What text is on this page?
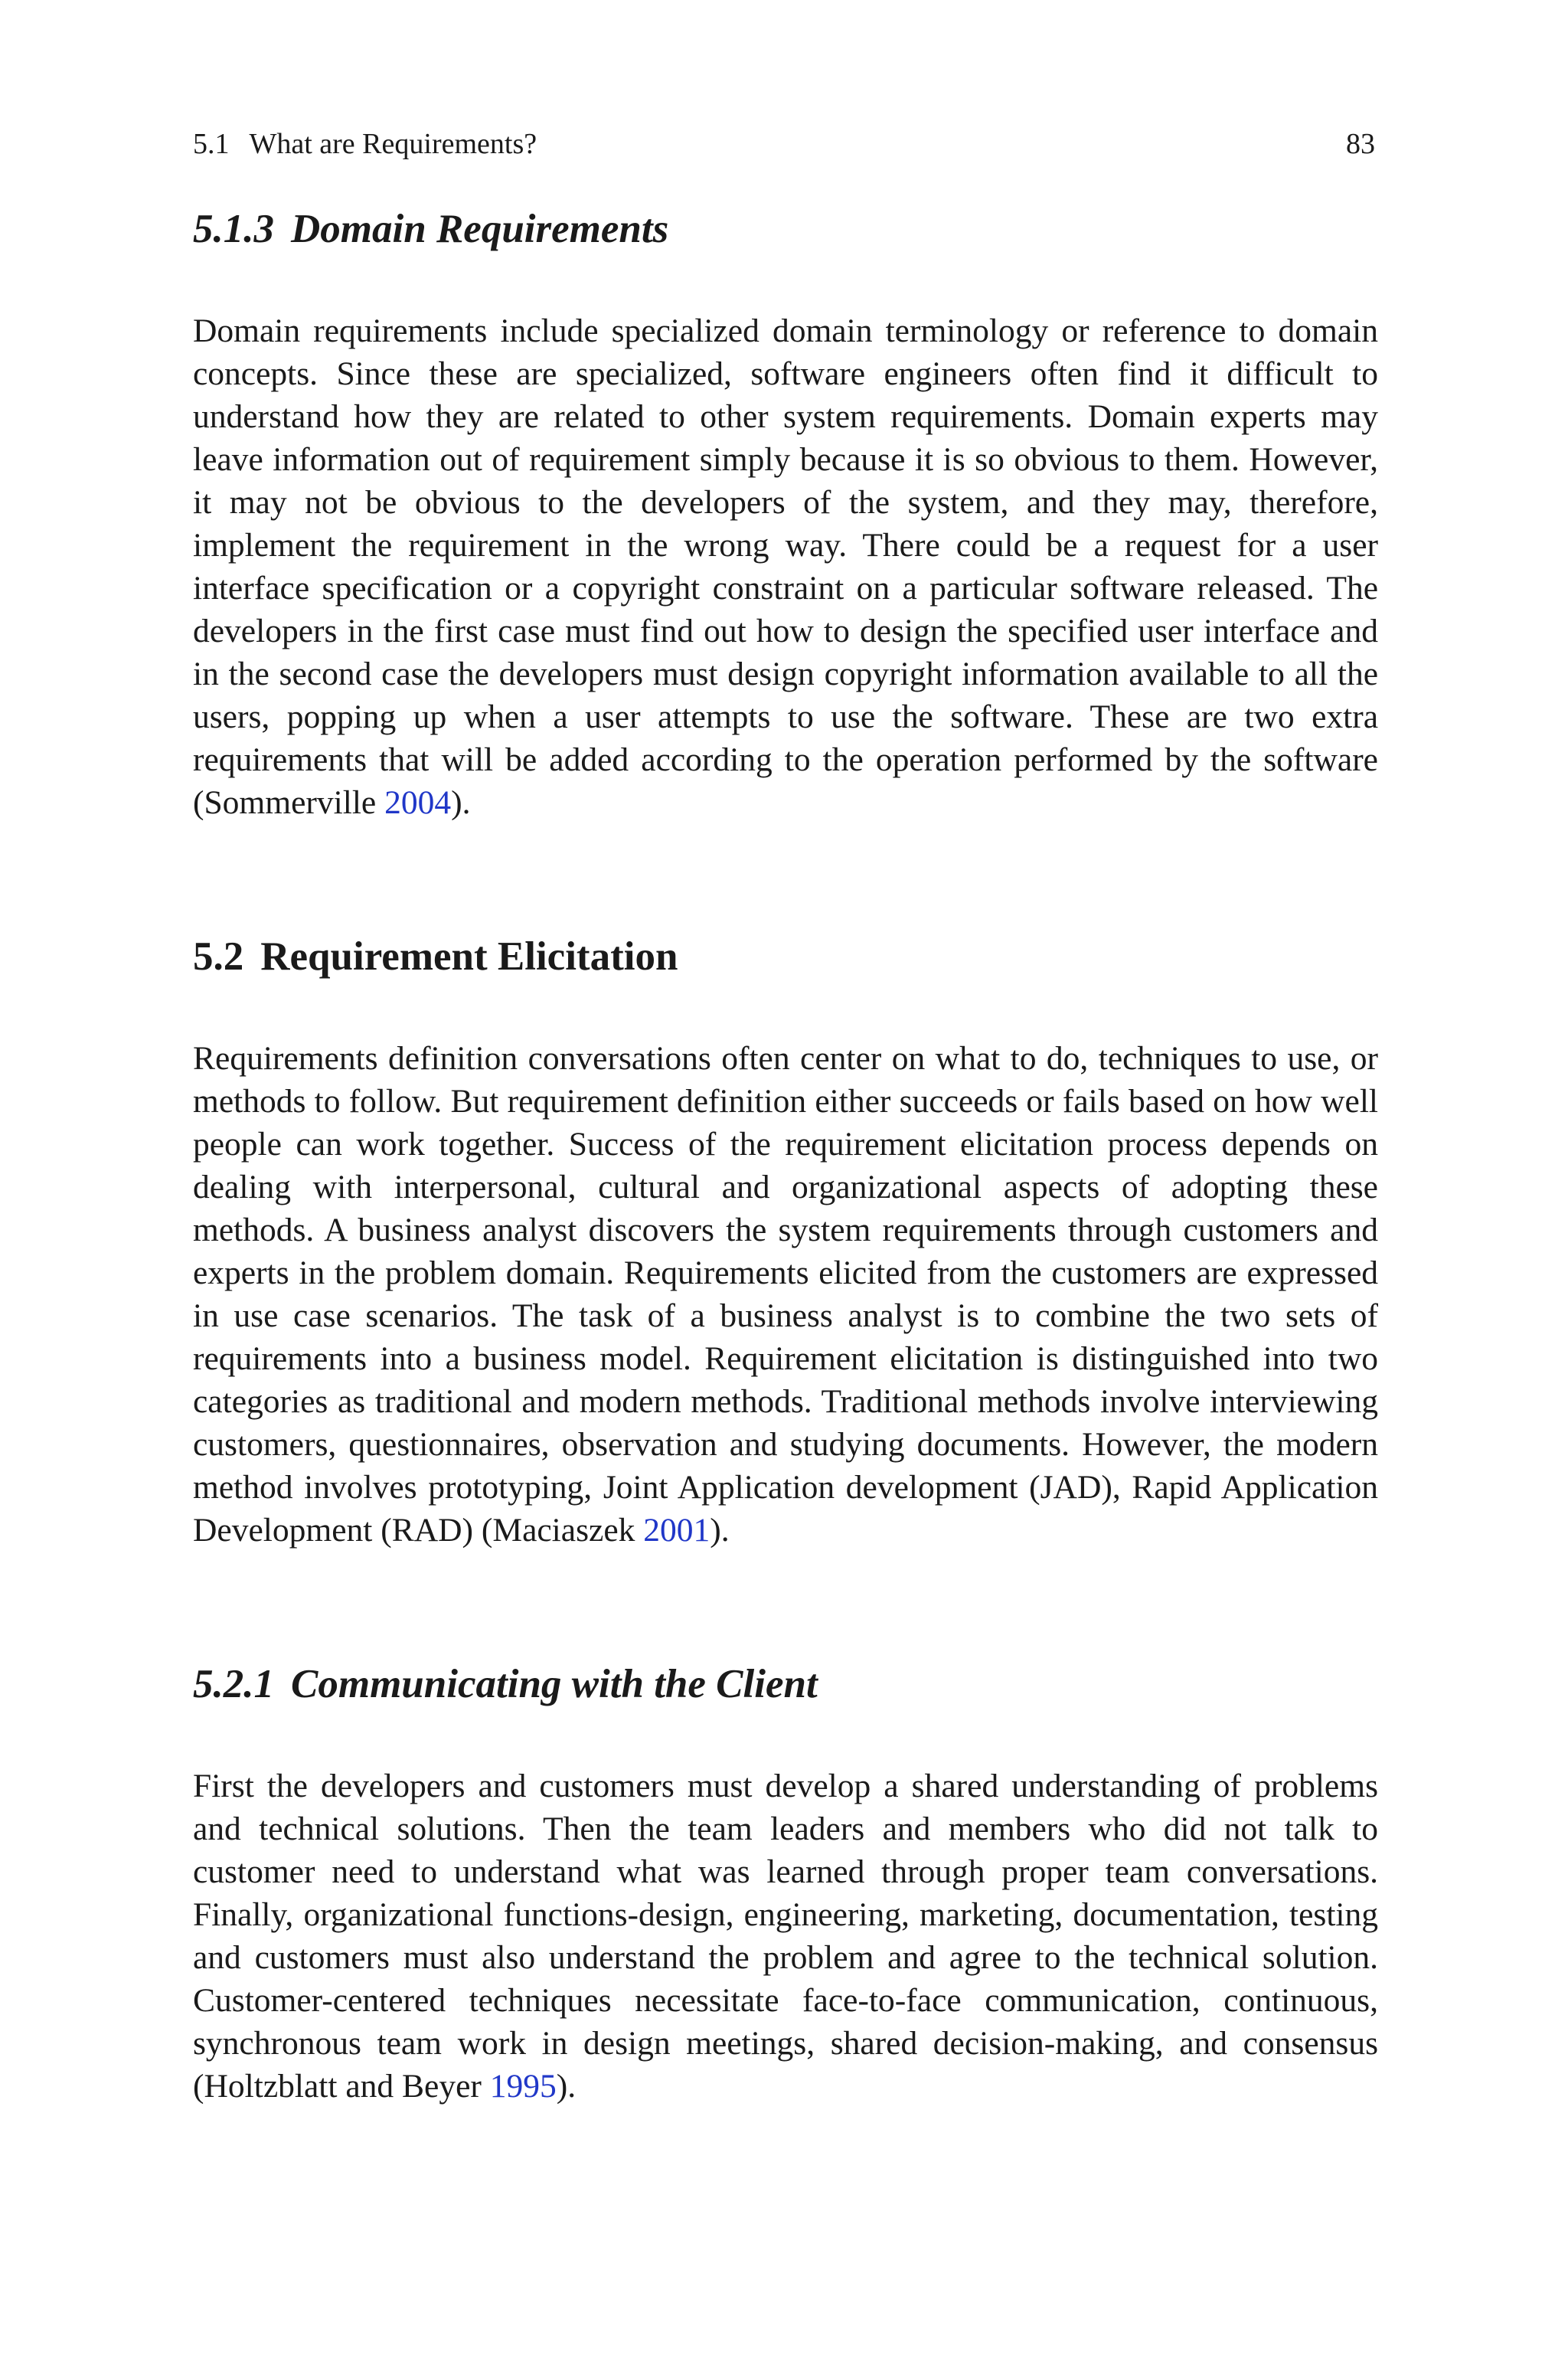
5.1 What are Requirements?	83
5.1.3 Domain Requirements

Domain requirements include specialized domain terminology or reference to domain concepts. Since these are specialized, software engineers often find it difficult to understand how they are related to other system requirements. Domain experts may leave information out of requirement simply because it is so obvious to them. However, it may not be obvious to the developers of the system, and they may, therefore, implement the requirement in the wrong way. There could be a request for a user interface specification or a copyright constraint on a particular software released. The developers in the first case must find out how to design the specified user interface and in the second case the developers must design copyright information available to all the users, popping up when a user attempts to use the software. These are two extra requirements that will be added according to the operation performed by the software (Sommerville 2004).

5.2 Requirement Elicitation

Requirements definition conversations often center on what to do, techniques to use, or methods to follow. But requirement definition either succeeds or fails based on how well people can work together. Success of the requirement elicitation process depends on dealing with interpersonal, cultural and organizational aspects of adopting these methods. A business analyst discovers the system requirements through customers and experts in the problem domain. Requirements elicited from the customers are expressed in use case scenarios. The task of a business analyst is to combine the two sets of requirements into a business model. Requirement elicitation is distinguished into two categories as traditional and modern methods. Traditional methods involve interviewing customers, questionnaires, observation and studying documents. However, the modern method involves prototyping, Joint Application development (JAD), Rapid Application Development (RAD) (Maciaszek 2001).

5.2.1 Communicating with the Client

First the developers and customers must develop a shared understanding of problems and technical solutions. Then the team leaders and members who did not talk to customer need to understand what was learned through proper team conversations. Finally, organizational functions-design, engineering, marketing, documentation, testing and customers must also understand the problem and agree to the technical solution. Customer-centered techniques necessitate face-to-face communication, continuous, synchronous team work in design meetings, shared decision-making, and consensus (Holtzblatt and Beyer 1995).
